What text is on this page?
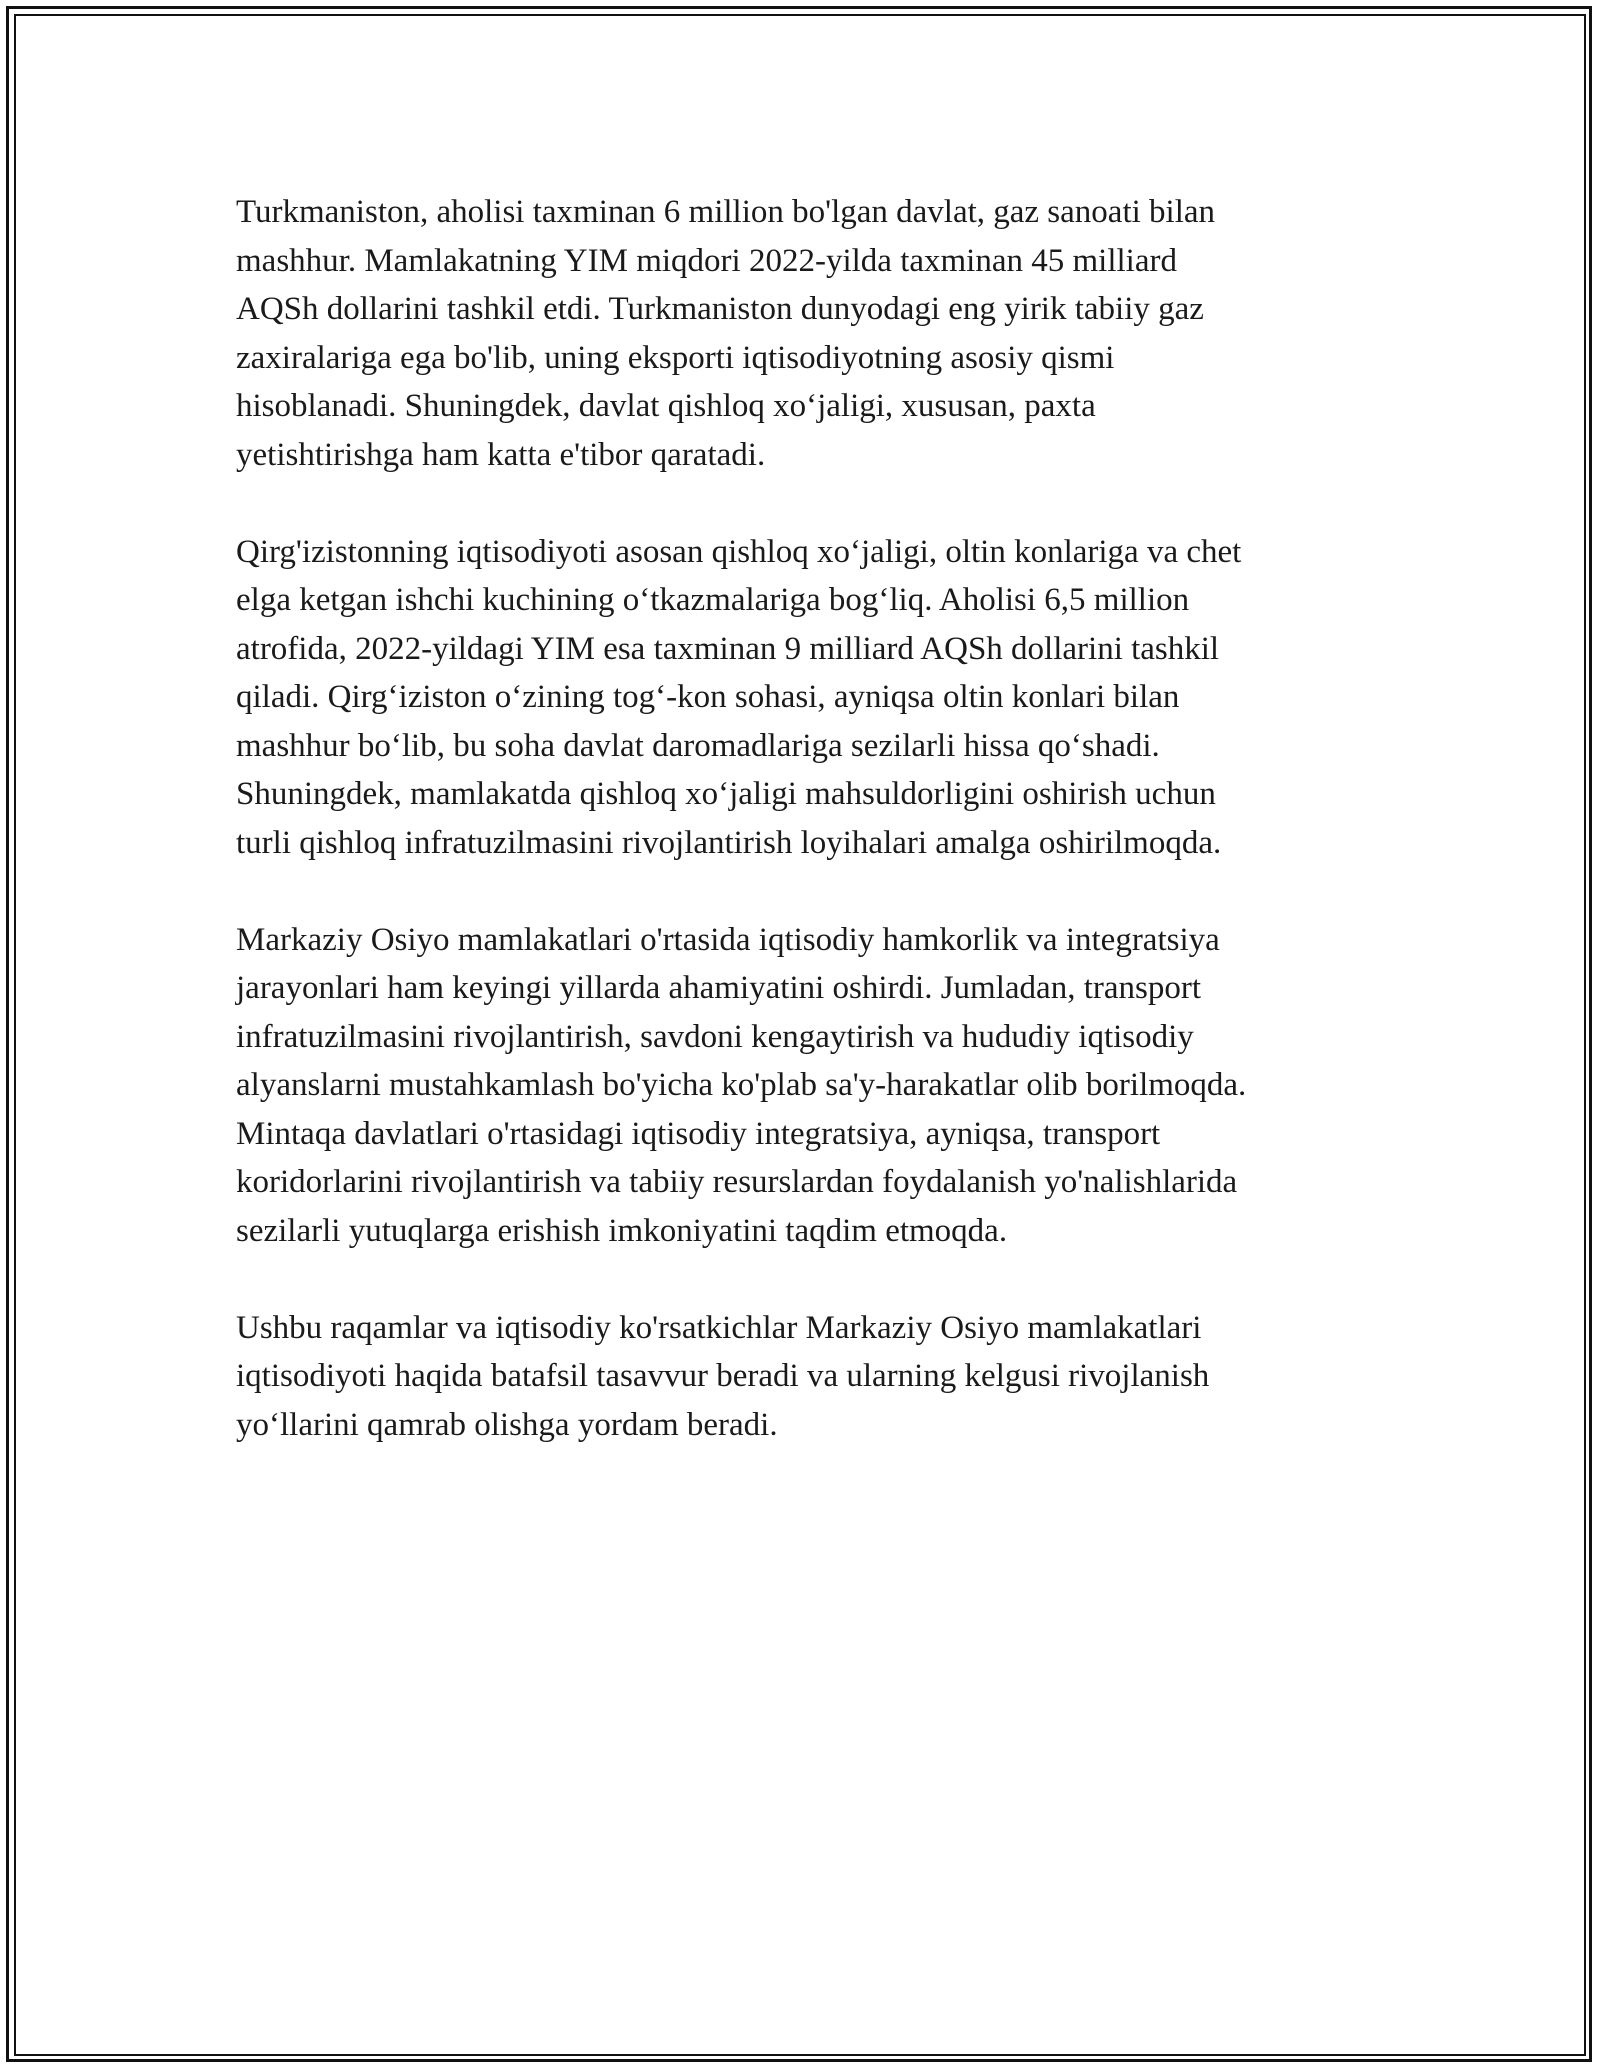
Turkmaniston, aholisi taxminan 6 million bo'lgan davlat, gaz sanoati bilan
mashhur. Mamlakatning YIM miqdori 2022-yilda taxminan 45 milliard
AQSh dollarini tashkil etdi. Turkmaniston dunyodagi eng yirik tabiiy gaz
zaxiralariga ega bo'lib, uning eksporti iqtisodiyotning asosiy qismi
hisoblanadi. Shuningdek, davlat qishloq xoʻjaligi, xususan, paxta
yetishtirishga ham katta e'tibor qaratadi.

Qirg'izistonning iqtisodiyoti asosan qishloq xoʻjaligi, oltin konlariga va chet
elga ketgan ishchi kuchining oʻtkazmalariga bogʻliq. Aholisi 6,5 million
atrofida, 2022-yildagi YIM esa taxminan 9 milliard AQSh dollarini tashkil
qiladi. Qirgʻiziston oʻzining togʻ-kon sohasi, ayniqsa oltin konlari bilan
mashhur boʻlib, bu soha davlat daromadlariga sezilarli hissa qoʻshadi.
Shuningdek, mamlakatda qishloq xoʻjaligi mahsuldorligini oshirish uchun
turli qishloq infratuzilmasini rivojlantirish loyihalari amalga oshirilmoqda.

Markaziy Osiyo mamlakatlari o'rtasida iqtisodiy hamkorlik va integratsiya
jarayonlari ham keyingi yillarda ahamiyatini oshirdi. Jumladan, transport
infratuzilmasini rivojlantirish, savdoni kengaytirish va hududiy iqtisodiy
alyanslarni mustahkamlash bo'yicha ko'plab sa'y-harakatlar olib borilmoqda.
Mintaqa davlatlari o'rtasidagi iqtisodiy integratsiya, ayniqsa, transport
koridorlarini rivojlantirish va tabiiy resurslardan foydalanish yo'nalishlarida
sezilarli yutuqlarga erishish imkoniyatini taqdim etmoqda.

Ushbu raqamlar va iqtisodiy ko'rsatkichlar Markaziy Osiyo mamlakatlari
iqtisodiyoti haqida batafsil tasavvur beradi va ularning kelgusi rivojlanish
yoʻllarini qamrab olishga yordam beradi.
